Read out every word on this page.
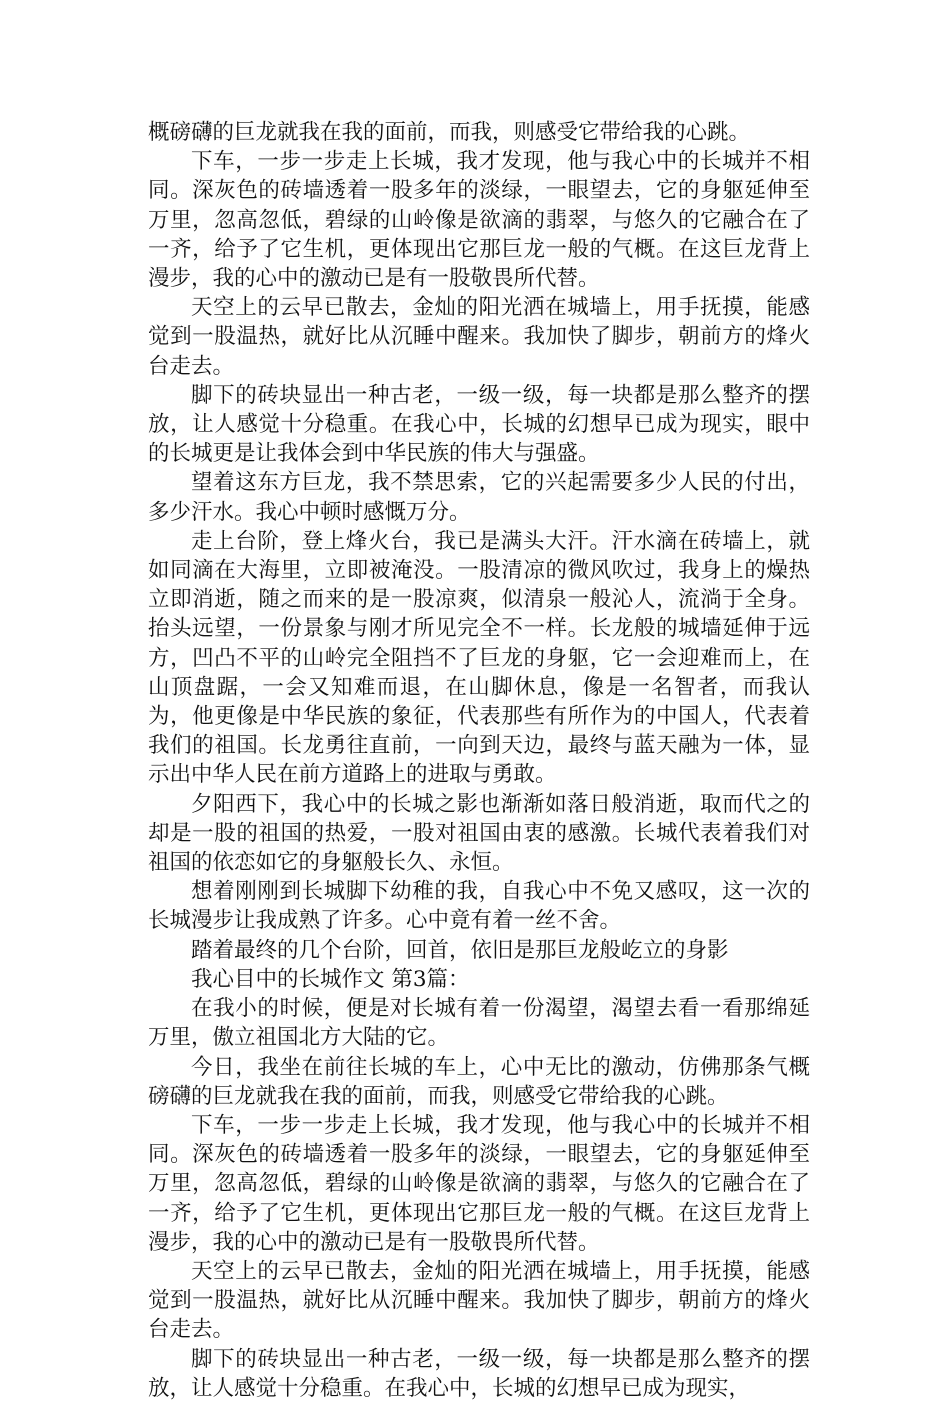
概磅礴的巨龙就我在我的面前，而我，则感受它带给我的心跳。

下车，一步一步走上长城，我才发现，他与我心中的长城并不相同。深灰色的砖墙透着一股多年的淡绿，一眼望去，它的身躯延伸至万里，忽高忽低，碧绿的山岭像是欲滴的翡翠，与悠久的它融合在了一齐，给予了它生机，更体现出它那巨龙一般的气概。在这巨龙背上漫步，我的心中的激动已是有一股敬畏所代替。

天空上的云早已散去，金灿的阳光洒在城墙上，用手抚摸，能感觉到一股温热，就好比从沉睡中醒来。我加快了脚步，朝前方的烽火台走去。

脚下的砖块显出一种古老，一级一级，每一块都是那么整齐的摆放，让人感觉十分稳重。在我心中，长城的幻想早已成为现实，眼中的长城更是让我体会到中华民族的伟大与强盛。

望着这东方巨龙，我不禁思索，它的兴起需要多少人民的付出，多少汗水。我心中顿时感慨万分。

走上台阶，登上烽火台，我已是满头大汗。汗水滴在砖墙上，就如同滴在大海里，立即被淹没。一股清凉的微风吹过，我身上的燥热立即消逝，随之而来的是一股凉爽，似清泉一般沁人，流淌于全身。抬头远望，一份景象与刚才所见完全不一样。长龙般的城墙延伸于远方，凹凸不平的山岭完全阻挡不了巨龙的身躯，它一会迎难而上，在山顶盘踞，一会又知难而退，在山脚休息，像是一名智者，而我认为，他更像是中华民族的象征，代表那些有所作为的中国人，代表着我们的祖国。长龙勇往直前，一向到天边，最终与蓝天融为一体，显示出中华人民在前方道路上的进取与勇敢。

夕阳西下，我心中的长城之影也渐渐如落日般消逝，取而代之的却是一股的祖国的热爱，一股对祖国由衷的感激。长城代表着我们对祖国的依恋如它的身躯般长久、永恒。

想着刚刚到长城脚下幼稚的我，自我心中不免又感叹，这一次的长城漫步让我成熟了许多。心中竟有着一丝不舍。

踏着最终的几个台阶，回首，依旧是那巨龙般屹立的身影

我心目中的长城作文 第3篇：

在我小的时候，便是对长城有着一份渴望，渴望去看一看那绵延万里，傲立祖国北方大陆的它。

今日，我坐在前往长城的车上，心中无比的激动，仿佛那条气概磅礴的巨龙就我在我的面前，而我，则感受它带给我的心跳。

下车，一步一步走上长城，我才发现，他与我心中的长城并不相同。深灰色的砖墙透着一股多年的淡绿，一眼望去，它的身躯延伸至万里，忽高忽低，碧绿的山岭像是欲滴的翡翠，与悠久的它融合在了一齐，给予了它生机，更体现出它那巨龙一般的气概。在这巨龙背上漫步，我的心中的激动已是有一股敬畏所代替。

天空上的云早已散去，金灿的阳光洒在城墙上，用手抚摸，能感觉到一股温热，就好比从沉睡中醒来。我加快了脚步，朝前方的烽火台走去。

脚下的砖块显出一种古老，一级一级，每一块都是那么整齐的摆放，让人感觉十分稳重。在我心中，长城的幻想早已成为现实，
